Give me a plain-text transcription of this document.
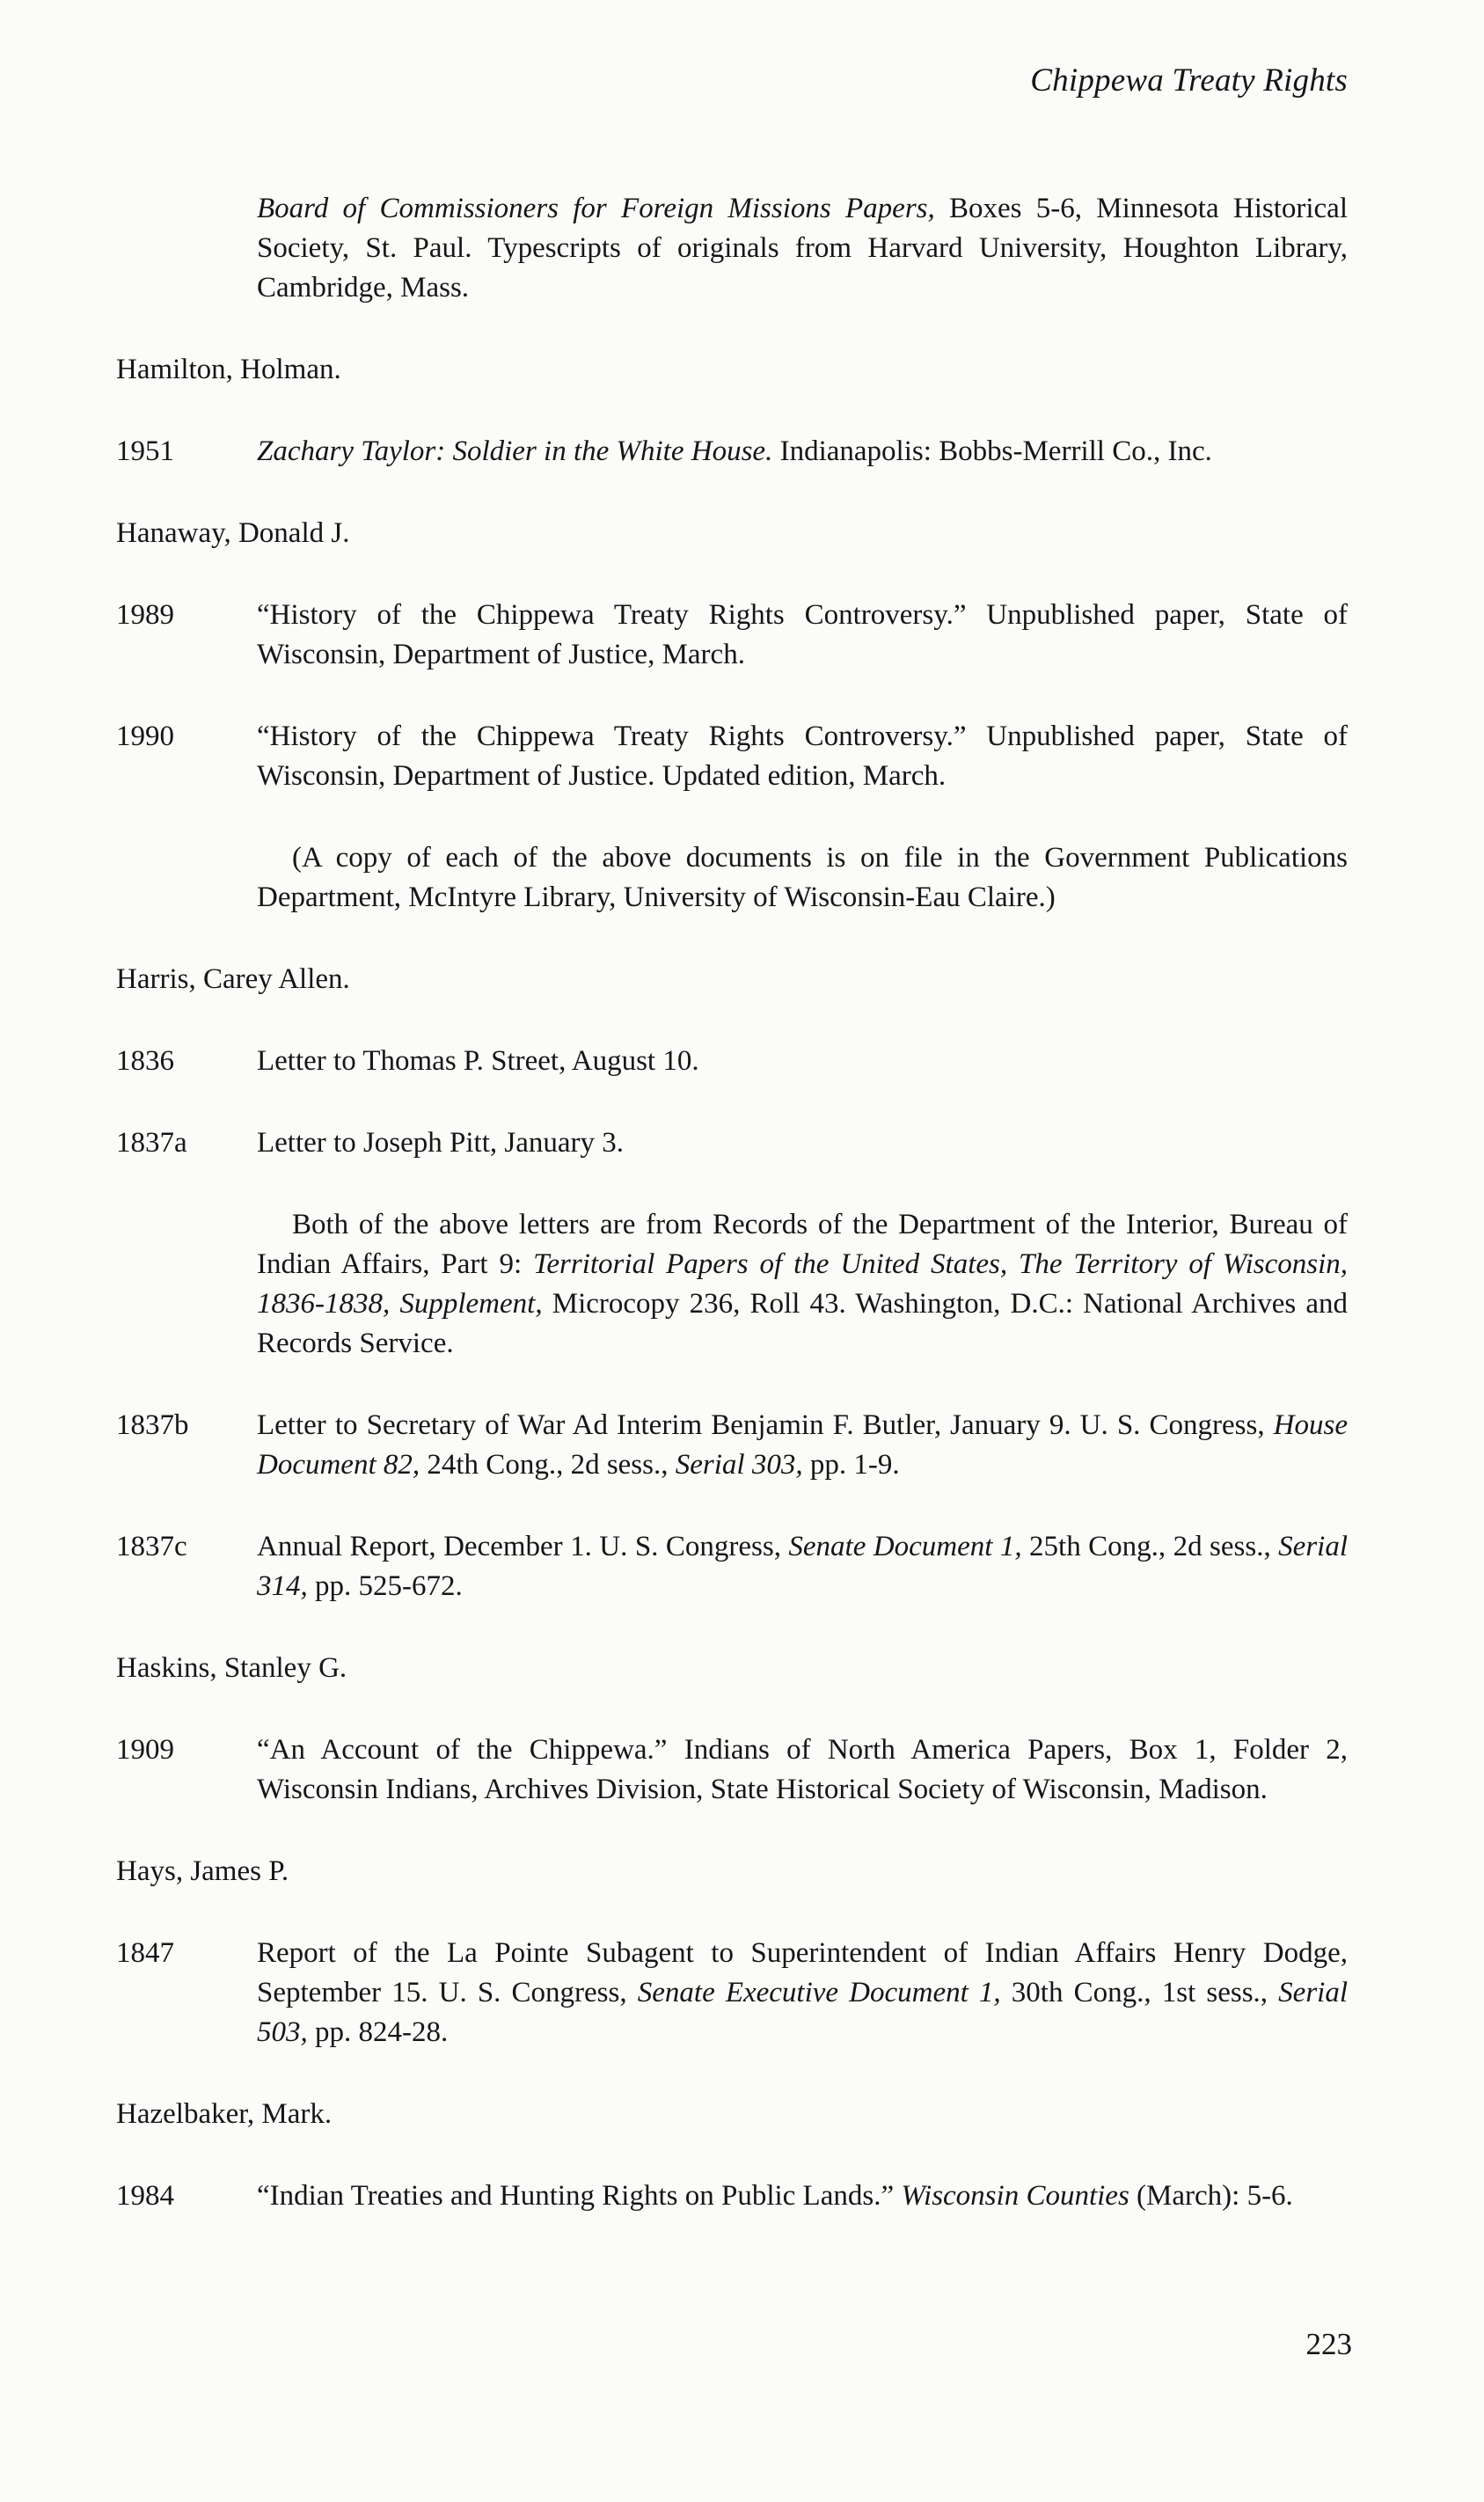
Chippewa Treaty Rights
Board of Commissioners for Foreign Missions Papers, Boxes 5-6, Minnesota Historical Society, St. Paul. Typescripts of originals from Harvard University, Houghton Library, Cambridge, Mass.
Hamilton, Holman.
1951	Zachary Taylor: Soldier in the White House. Indianapolis: Bobbs-Merrill Co., Inc.
Hanaway, Donald J.
1989	“History of the Chippewa Treaty Rights Controversy.” Unpublished paper, State of Wisconsin, Department of Justice, March.
1990	“History of the Chippewa Treaty Rights Controversy.” Unpublished paper, State of Wisconsin, Department of Justice. Updated edition, March.
(A copy of each of the above documents is on file in the Government Publications Department, McIntyre Library, University of Wisconsin-Eau Claire.)
Harris, Carey Allen.
1836	Letter to Thomas P. Street, August 10.
1837a	Letter to Joseph Pitt, January 3.
Both of the above letters are from Records of the Department of the Interior, Bureau of Indian Affairs, Part 9: Territorial Papers of the United States, The Territory of Wisconsin, 1836-1838, Supplement, Microcopy 236, Roll 43. Washington, D.C.: National Archives and Records Service.
1837b	Letter to Secretary of War Ad Interim Benjamin F. Butler, January 9. U. S. Congress, House Document 82, 24th Cong., 2d sess., Serial 303, pp. 1-9.
1837c	Annual Report, December 1. U. S. Congress, Senate Document 1, 25th Cong., 2d sess., Serial 314, pp. 525-672.
Haskins, Stanley G.
1909	“An Account of the Chippewa.” Indians of North America Papers, Box 1, Folder 2, Wisconsin Indians, Archives Division, State Historical Society of Wisconsin, Madison.
Hays, James P.
1847	Report of the La Pointe Subagent to Superintendent of Indian Affairs Henry Dodge, September 15. U. S. Congress, Senate Executive Document 1, 30th Cong., 1st sess., Serial 503, pp. 824-28.
Hazelbaker, Mark.
1984	“Indian Treaties and Hunting Rights on Public Lands.” Wisconsin Counties (March): 5-6.
223
